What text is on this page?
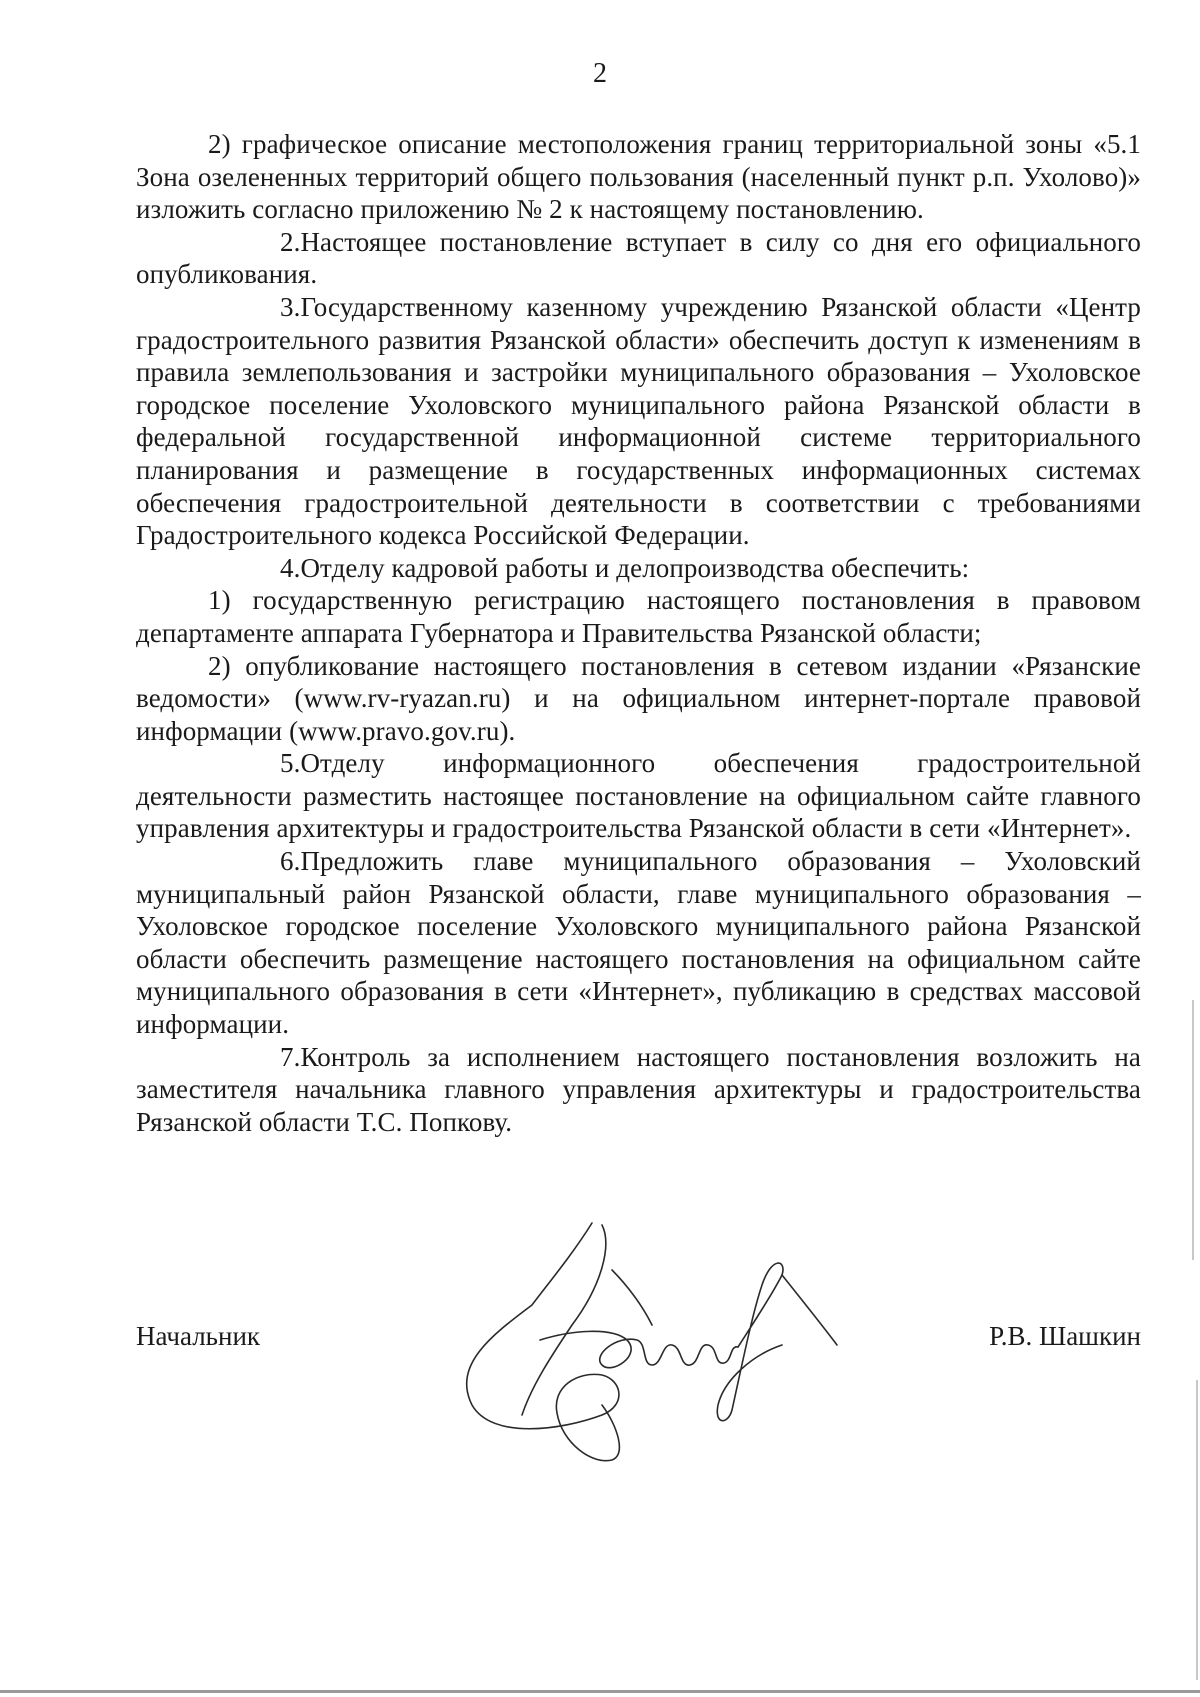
2

2) графическое описание местоположения границ территориальной зоны «5.1 Зона озелененных территорий общего пользования (населенный пункт р.п. Ухолово)» изложить согласно приложению № 2 к настоящему постановлению.

2.Настоящее постановление вступает в силу со дня его официального опубликования.

3.Государственному казенному учреждению Рязанской области «Центр градостроительного развития Рязанской области» обеспечить доступ к изменениям в правила землепользования и застройки муниципального образования – Ухоловское городское поселение Ухоловского муниципального района Рязанской области в федеральной государственной информационной системе территориального планирования и размещение в государственных информационных системах обеспечения градостроительной деятельности в соответствии с требованиями Градостроительного кодекса Российской Федерации.

4.Отделу кадровой работы и делопроизводства обеспечить:

1) государственную регистрацию настоящего постановления в правовом департаменте аппарата Губернатора и Правительства Рязанской области;

2) опубликование настоящего постановления в сетевом издании «Рязанские ведомости» (www.rv-ryazan.ru) и на официальном интернет-портале правовой информации (www.pravo.gov.ru).

5.Отделу информационного обеспечения градостроительной деятельности разместить настоящее постановление на официальном сайте главного управления архитектуры и градостроительства Рязанской области в сети «Интернет».

6.Предложить главе муниципального образования – Ухоловский муниципальный район Рязанской области, главе муниципального образования – Ухоловское городское поселение Ухоловского муниципального района Рязанской области обеспечить размещение настоящего постановления на официальном сайте муниципального образования в сети «Интернет», публикацию в средствах массовой информации.

7.Контроль за исполнением настоящего постановления возложить на заместителя начальника главного управления архитектуры и градостроительства Рязанской области Т.С. Попкову.

Начальник	Р.В. Шашкин
